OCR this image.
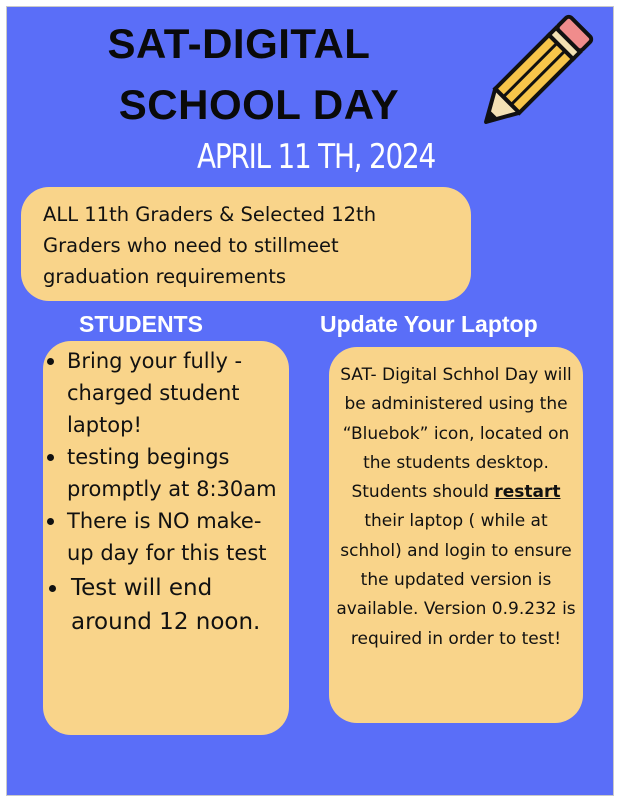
SAT-DIGITAL
SCHOOL DAY
APRIL 11 TH, 2024
ALL 11th Graders & Selected 12th Graders who need to stillmeet graduation requirements
STUDENTS	Update Your Laptop
Bring your fully - charged student laptop!
testing begings promptly at 8:30am
There is NO make-up day for this test
Test will end around 12 noon.
SAT- Digital Schhol Day will be administered using the “Bluebok” icon, located on the students desktop. Students should restart their laptop ( while at schhol) and login to ensure the updated version is available. Version 0.9.232 is required in order to test!
